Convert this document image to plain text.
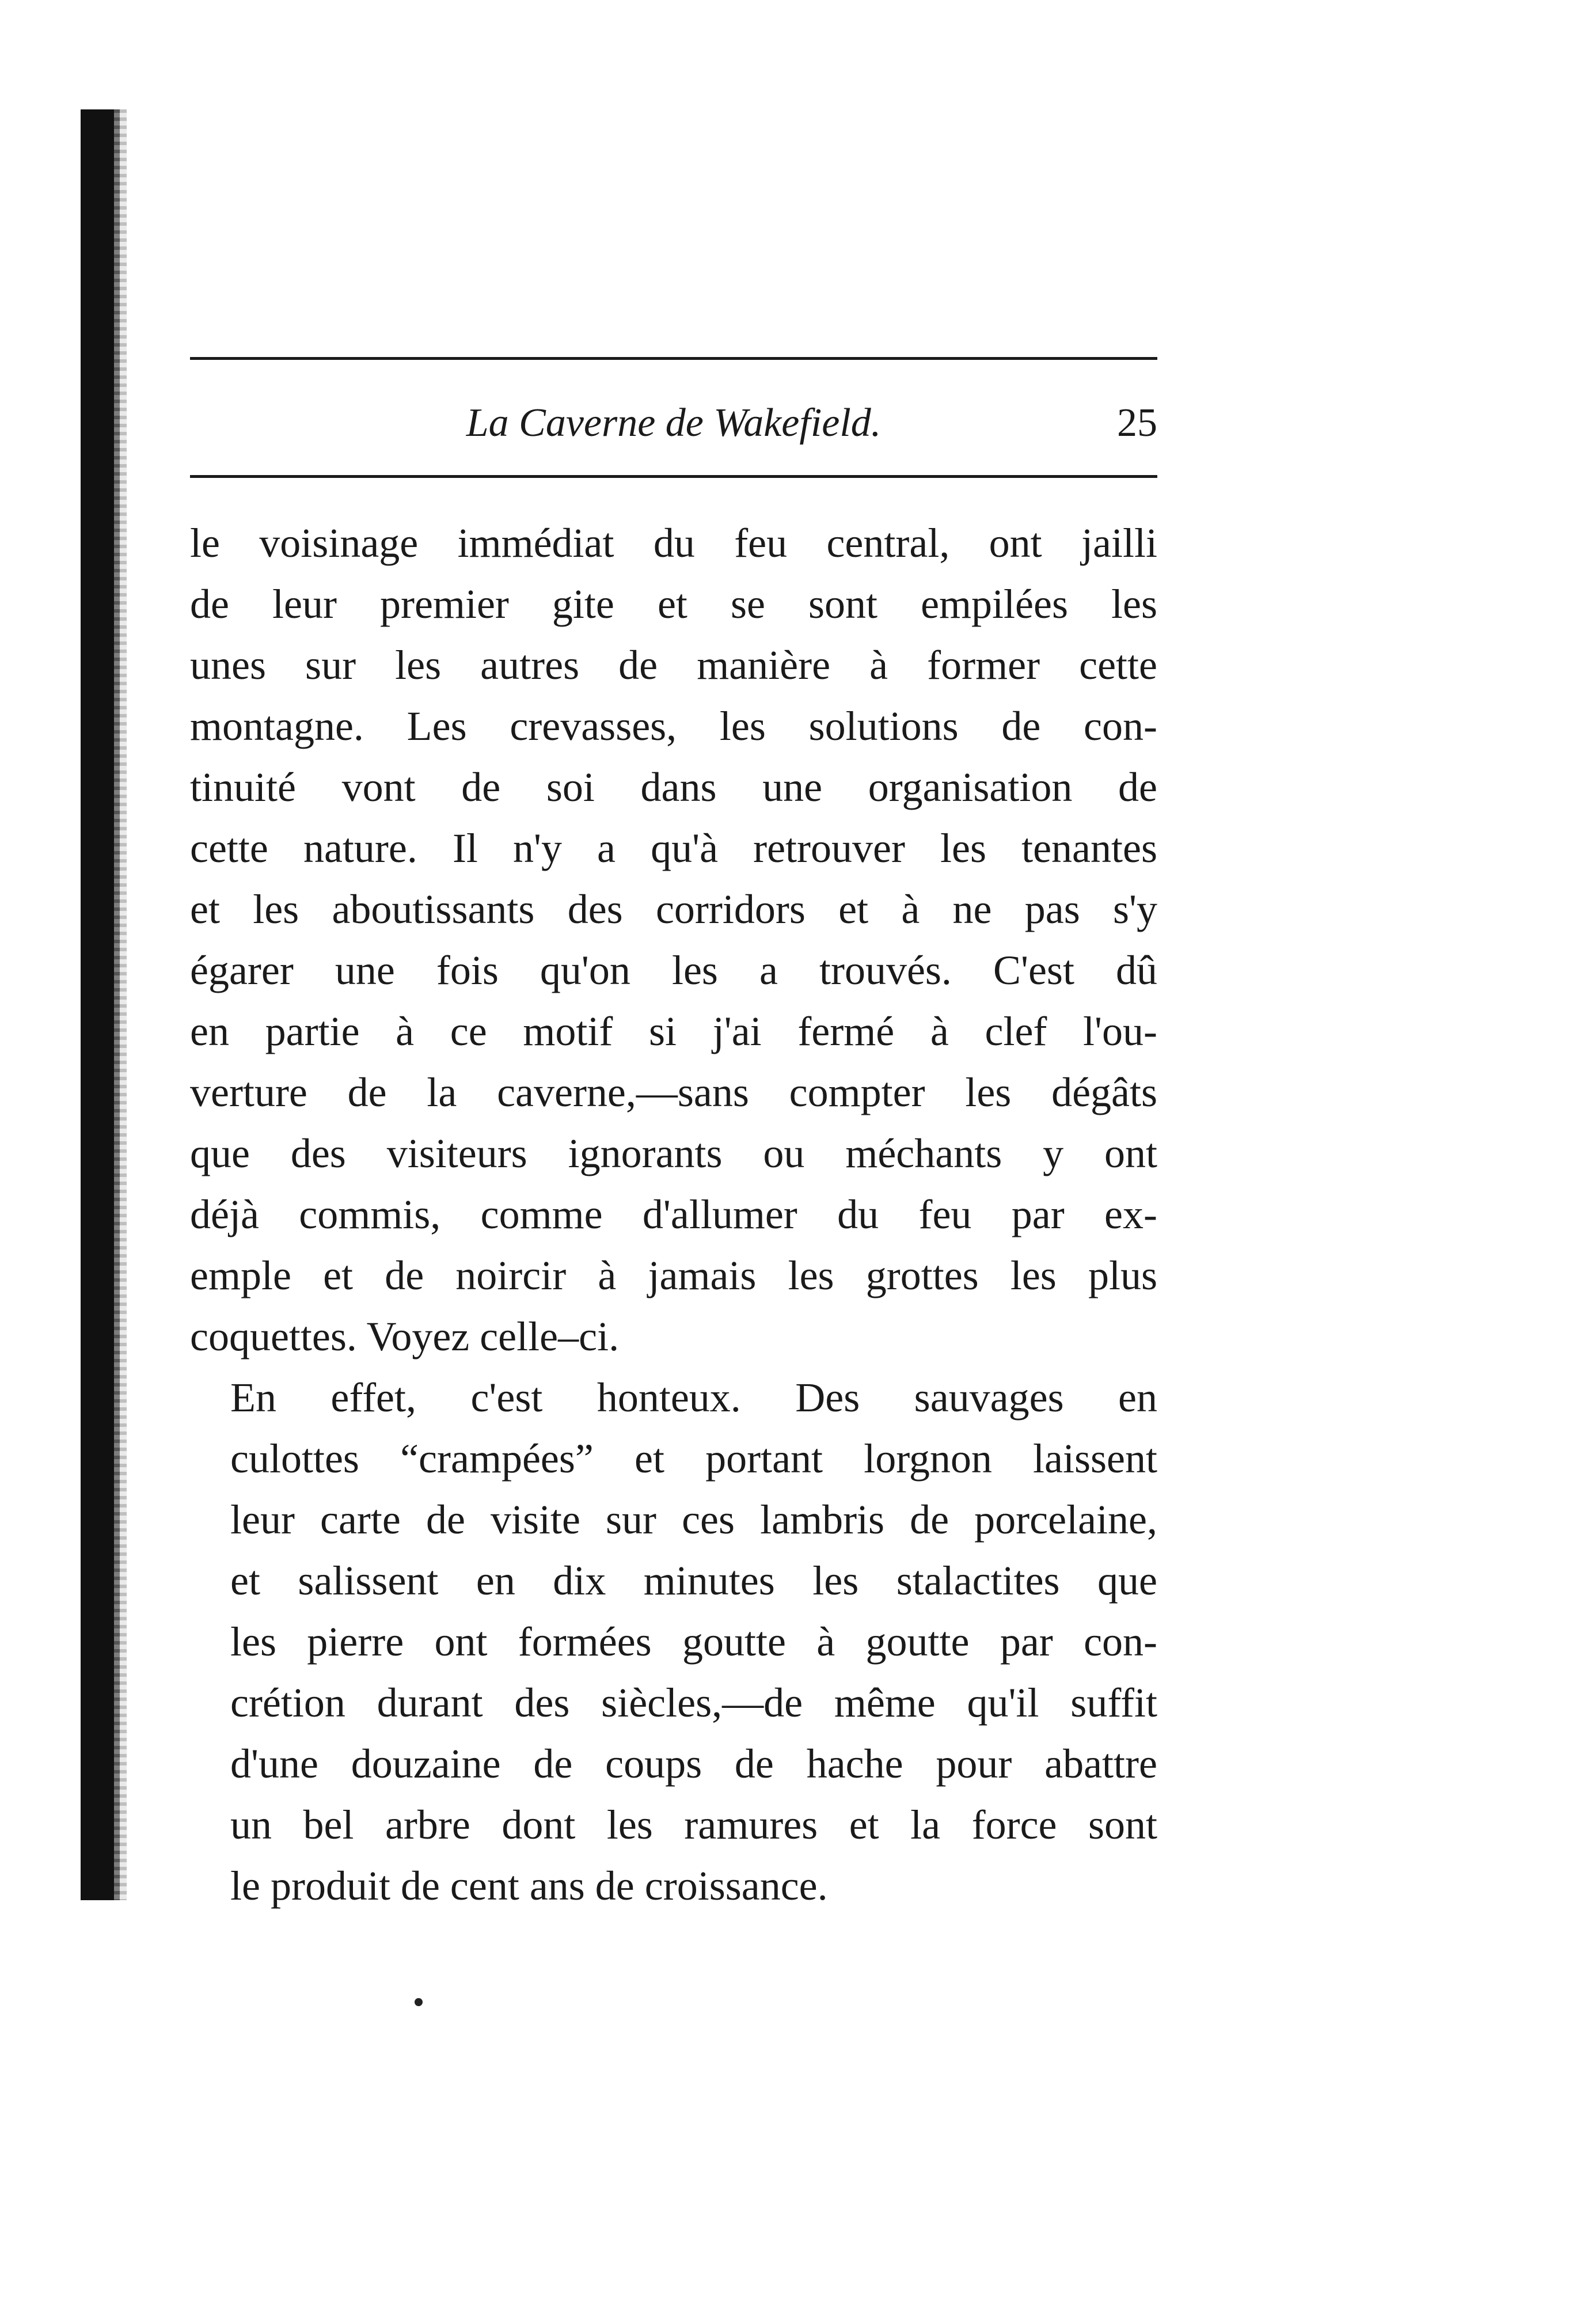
La Caverne de Wakefield.	25

le voisinage immédiat du feu central, ont jailli
de leur premier gite et se sont empilées les
unes sur les autres de manière à former cette
montagne. Les crevasses, les solutions de con-
tinuité vont de soi dans une organisation de
cette nature. Il n'y a qu'à retrouver les tenantes
et les aboutissants des corridors et à ne pas s'y
égarer une fois qu'on les a trouvés. C'est dû
en partie à ce motif si j'ai fermé à clef l'ou-
verture de la caverne,—sans compter les dégâts
que des visiteurs ignorants ou méchants y ont
déjà commis, comme d'allumer du feu par ex-
emple et de noircir à jamais les grottes les plus
coquettes. Voyez celle–ci.

En effet, c'est honteux. Des sauvages en
culottes “crampées” et portant lorgnon laissent
leur carte de visite sur ces lambris de porcelaine,
et salissent en dix minutes les stalactites que
les pierre ont formées goutte à goutte par con-
crétion durant des siècles,—de même qu'il suffit
d'une douzaine de coups de hache pour abattre
un bel arbre dont les ramures et la force sont
le produit de cent ans de croissance.
